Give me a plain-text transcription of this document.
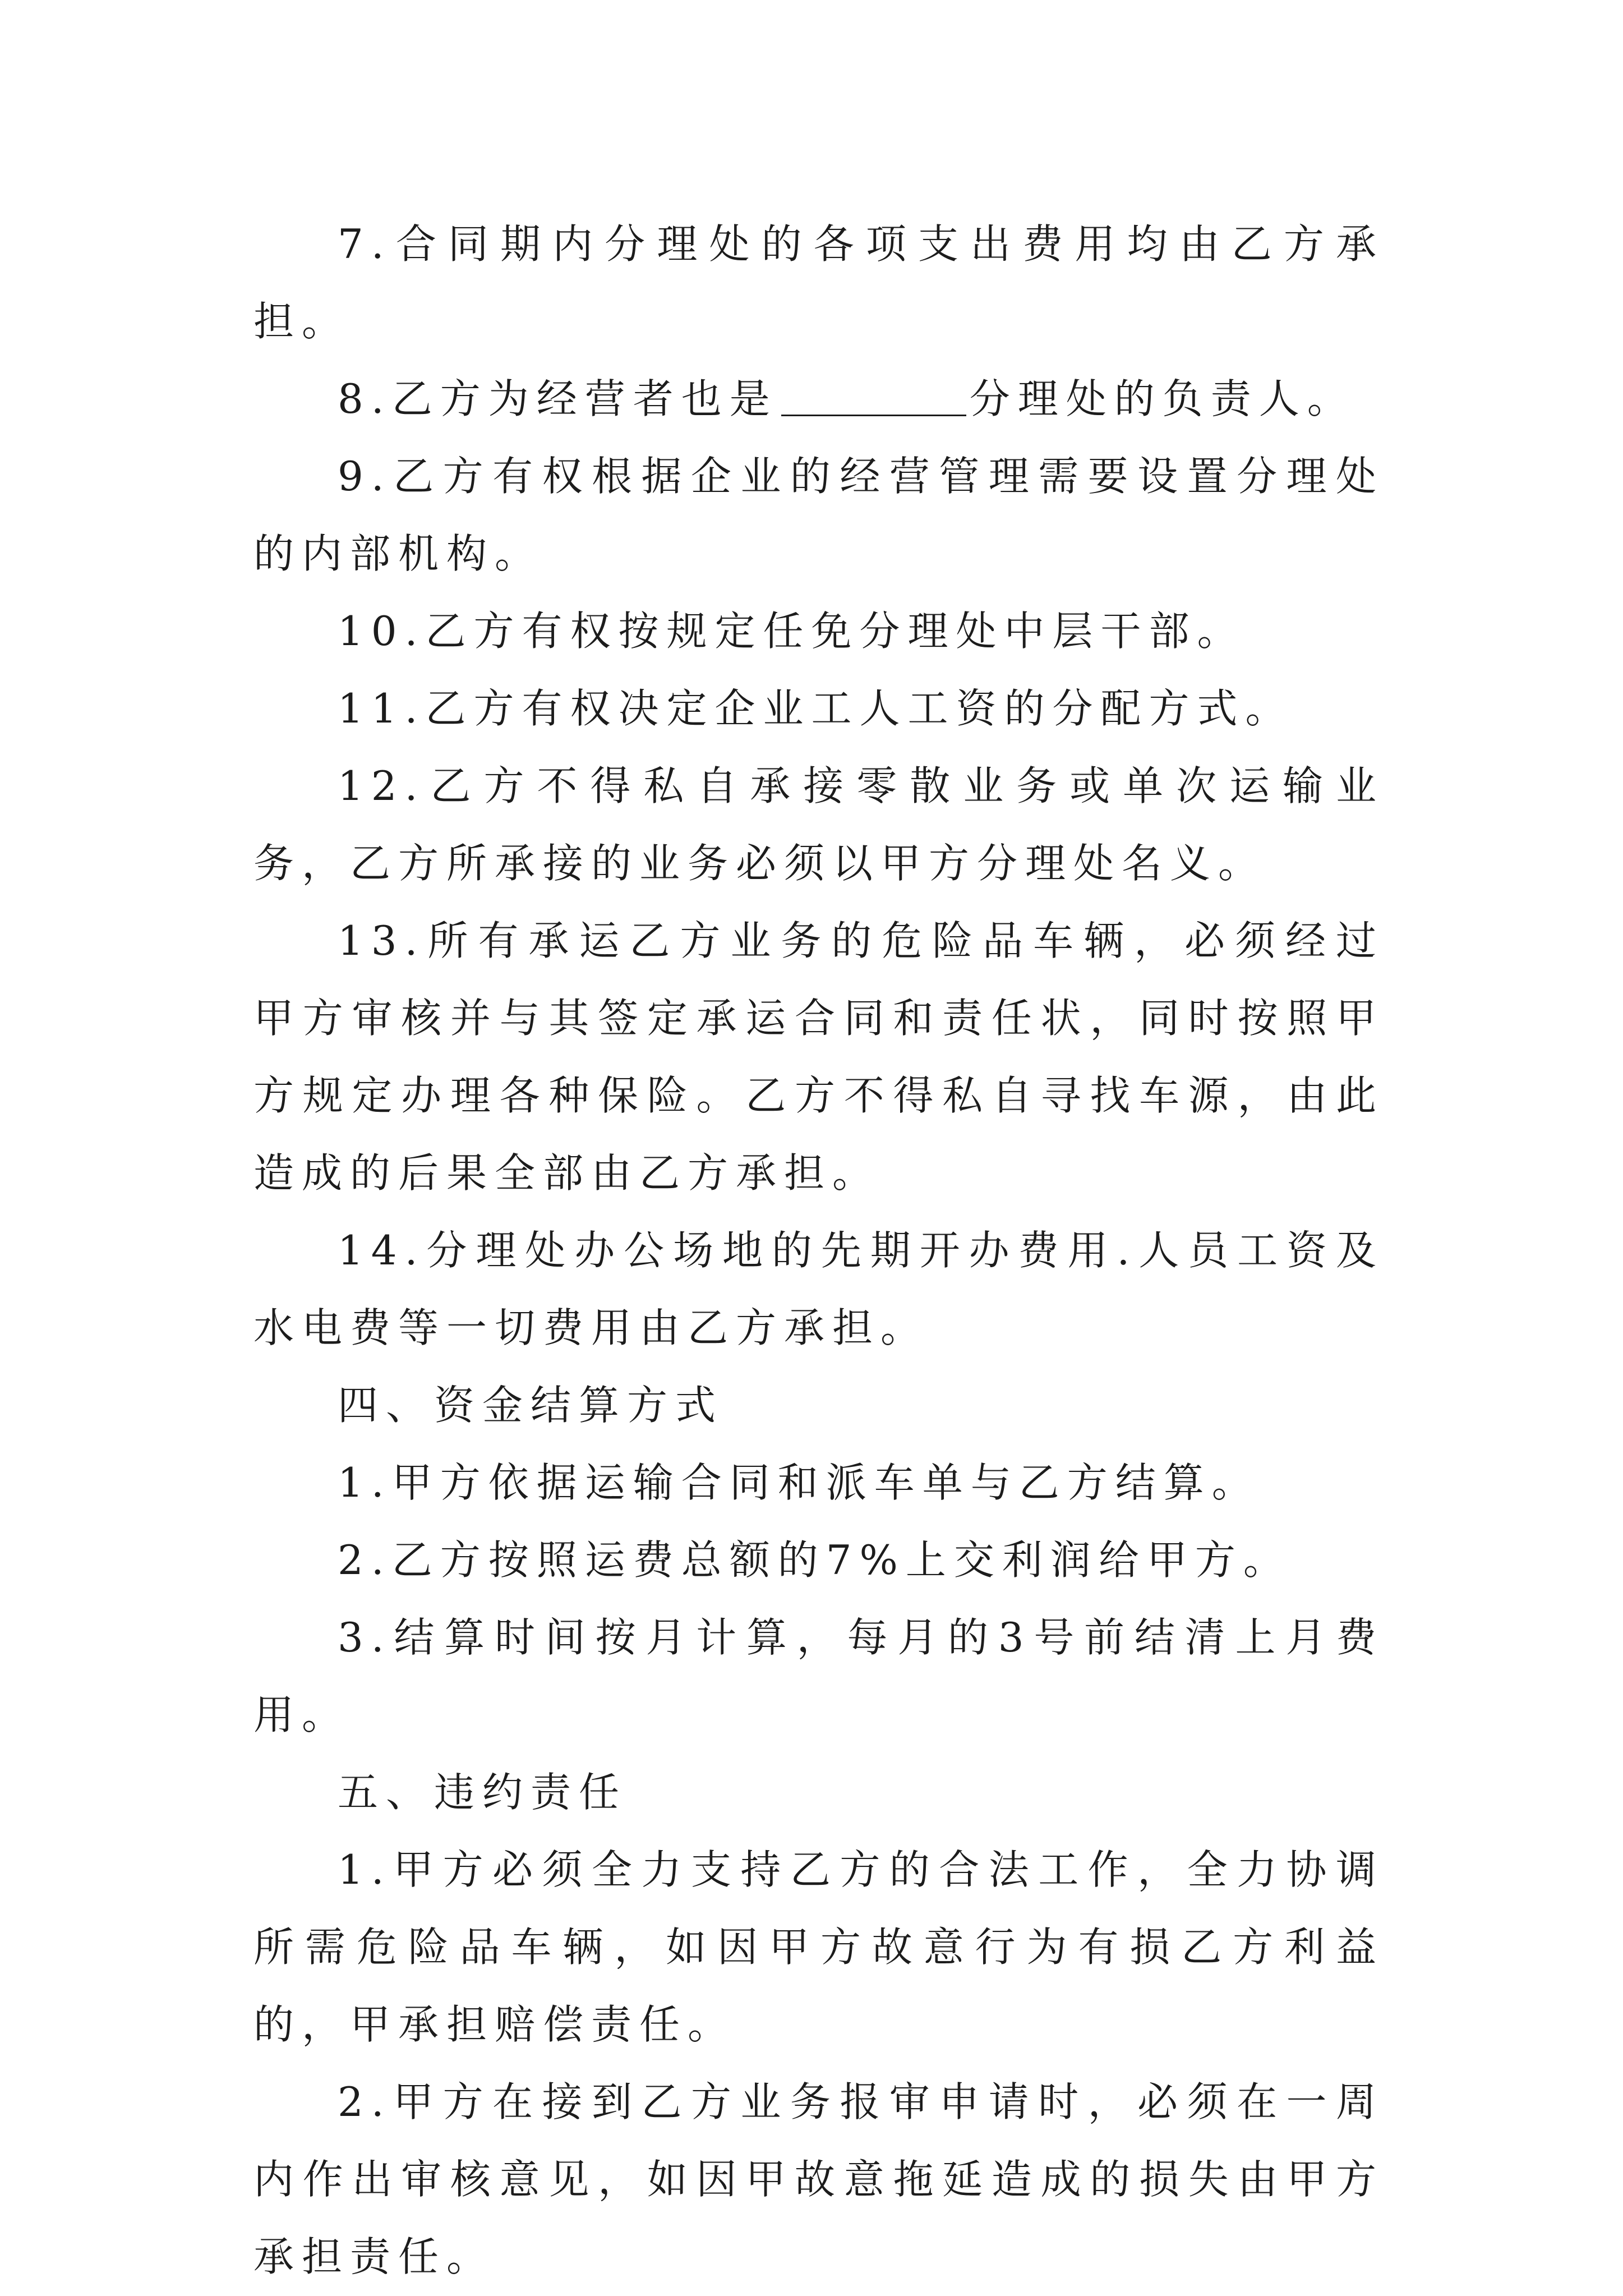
7.合同期内分理处的各项支出费用均由乙方承担。

8.乙方为经营者也是	分理处的负责人。

9.乙方有权根据企业的经营管理需要设置分理处的内部机构。

10.乙方有权按规定任免分理处中层干部。

11.乙方有权决定企业工人工资的分配方式。

12.乙方不得私自承接零散业务或单次运输业务，乙方所承接的业务必须以甲方分理处名义。

13.所有承运乙方业务的危险品车辆，必须经过甲方审核并与其签定承运合同和责任状，同时按照甲方规定办理各种保险。乙方不得私自寻找车源，由此造成的后果全部由乙方承担。

14.分理处办公场地的先期开办费用.人员工资及水电费等一切费用由乙方承担。

四、资金结算方式

1.甲方依据运输合同和派车单与乙方结算。

2.乙方按照运费总额的7%上交利润给甲方。

3.结算时间按月计算，每月的3号前结清上月费用。

五、违约责任

1.甲方必须全力支持乙方的合法工作，全力协调所需危险品车辆，如因甲方故意行为有损乙方利益的，甲承担赔偿责任。

2.甲方在接到乙方业务报审申请时，必须在一周内作出审核意见，如因甲故意拖延造成的损失由甲方承担责任。
